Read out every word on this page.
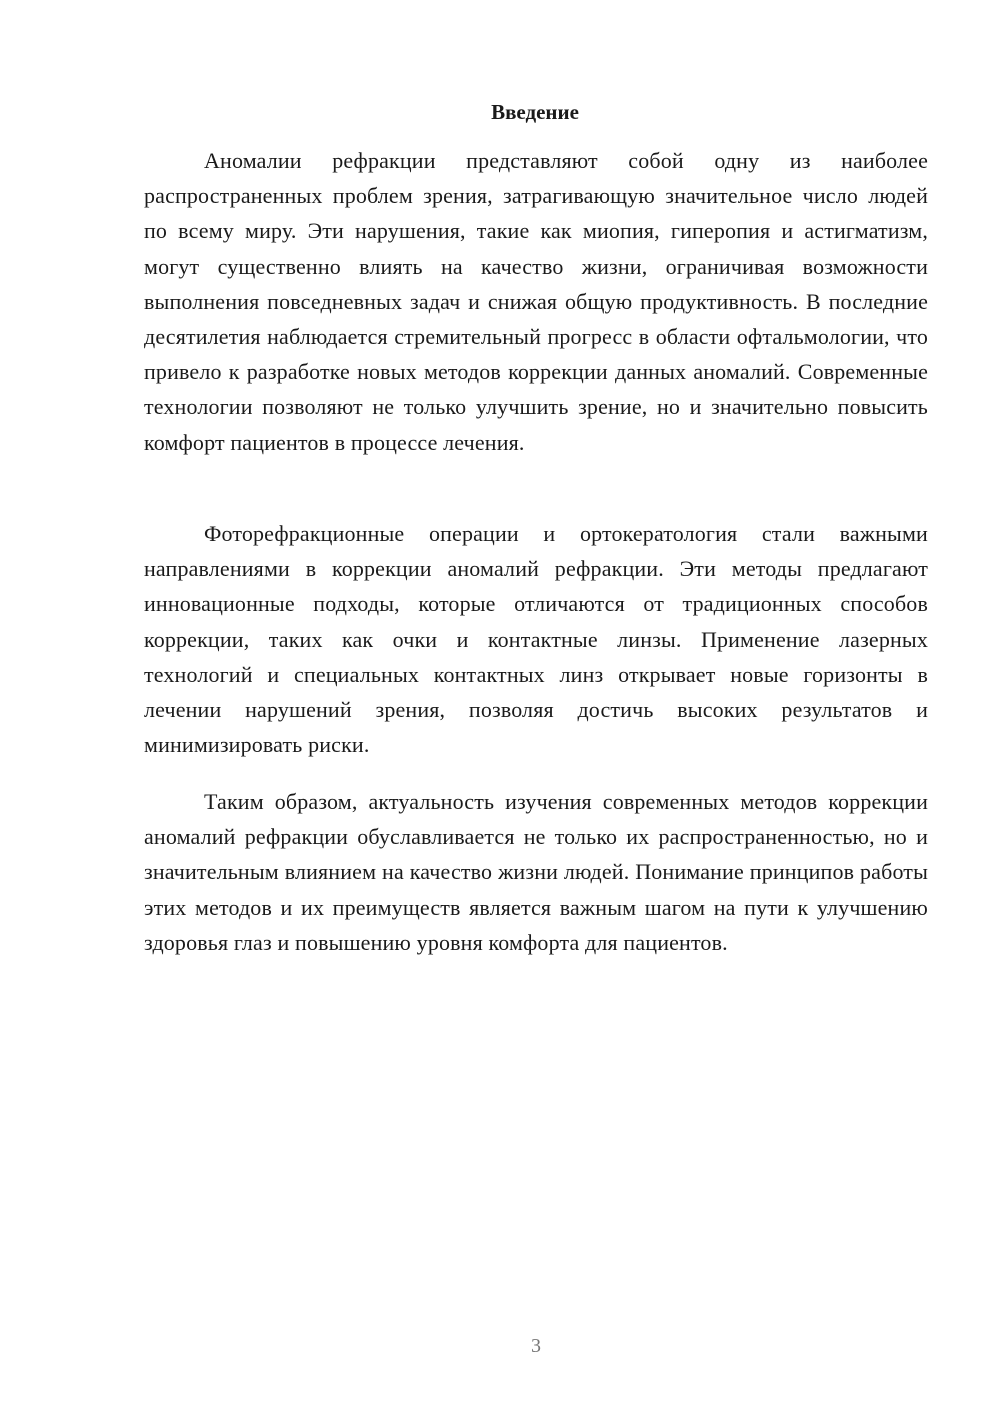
Введение

Аномалии рефракции представляют собой одну из наиболее распространенных проблем зрения, затрагивающую значительное число людей по всему миру. Эти нарушения, такие как миопия, гиперопия и астигматизм, могут существенно влиять на качество жизни, ограничивая возможности выполнения повседневных задач и снижая общую продуктивность. В последние десятилетия наблюдается стремительный прогресс в области офтальмологии, что привело к разработке новых методов коррекции данных аномалий. Современные технологии позволяют не только улучшить зрение, но и значительно повысить комфорт пациентов в процессе лечения.

Фоторефракционные операции и ортокератология стали важными направлениями в коррекции аномалий рефракции. Эти методы предлагают инновационные подходы, которые отличаются от традиционных способов коррекции, таких как очки и контактные линзы. Применение лазерных технологий и специальных контактных линз открывает новые горизонты в лечении нарушений зрения, позволяя достичь высоких результатов и минимизировать риски.

Таким образом, актуальность изучения современных методов коррекции аномалий рефракции обуславливается не только их распространенностью, но и значительным влиянием на качество жизни людей. Понимание принципов работы этих методов и их преимуществ является важным шагом на пути к улучшению здоровья глаз и повышению уровня комфорта для пациентов.

3
